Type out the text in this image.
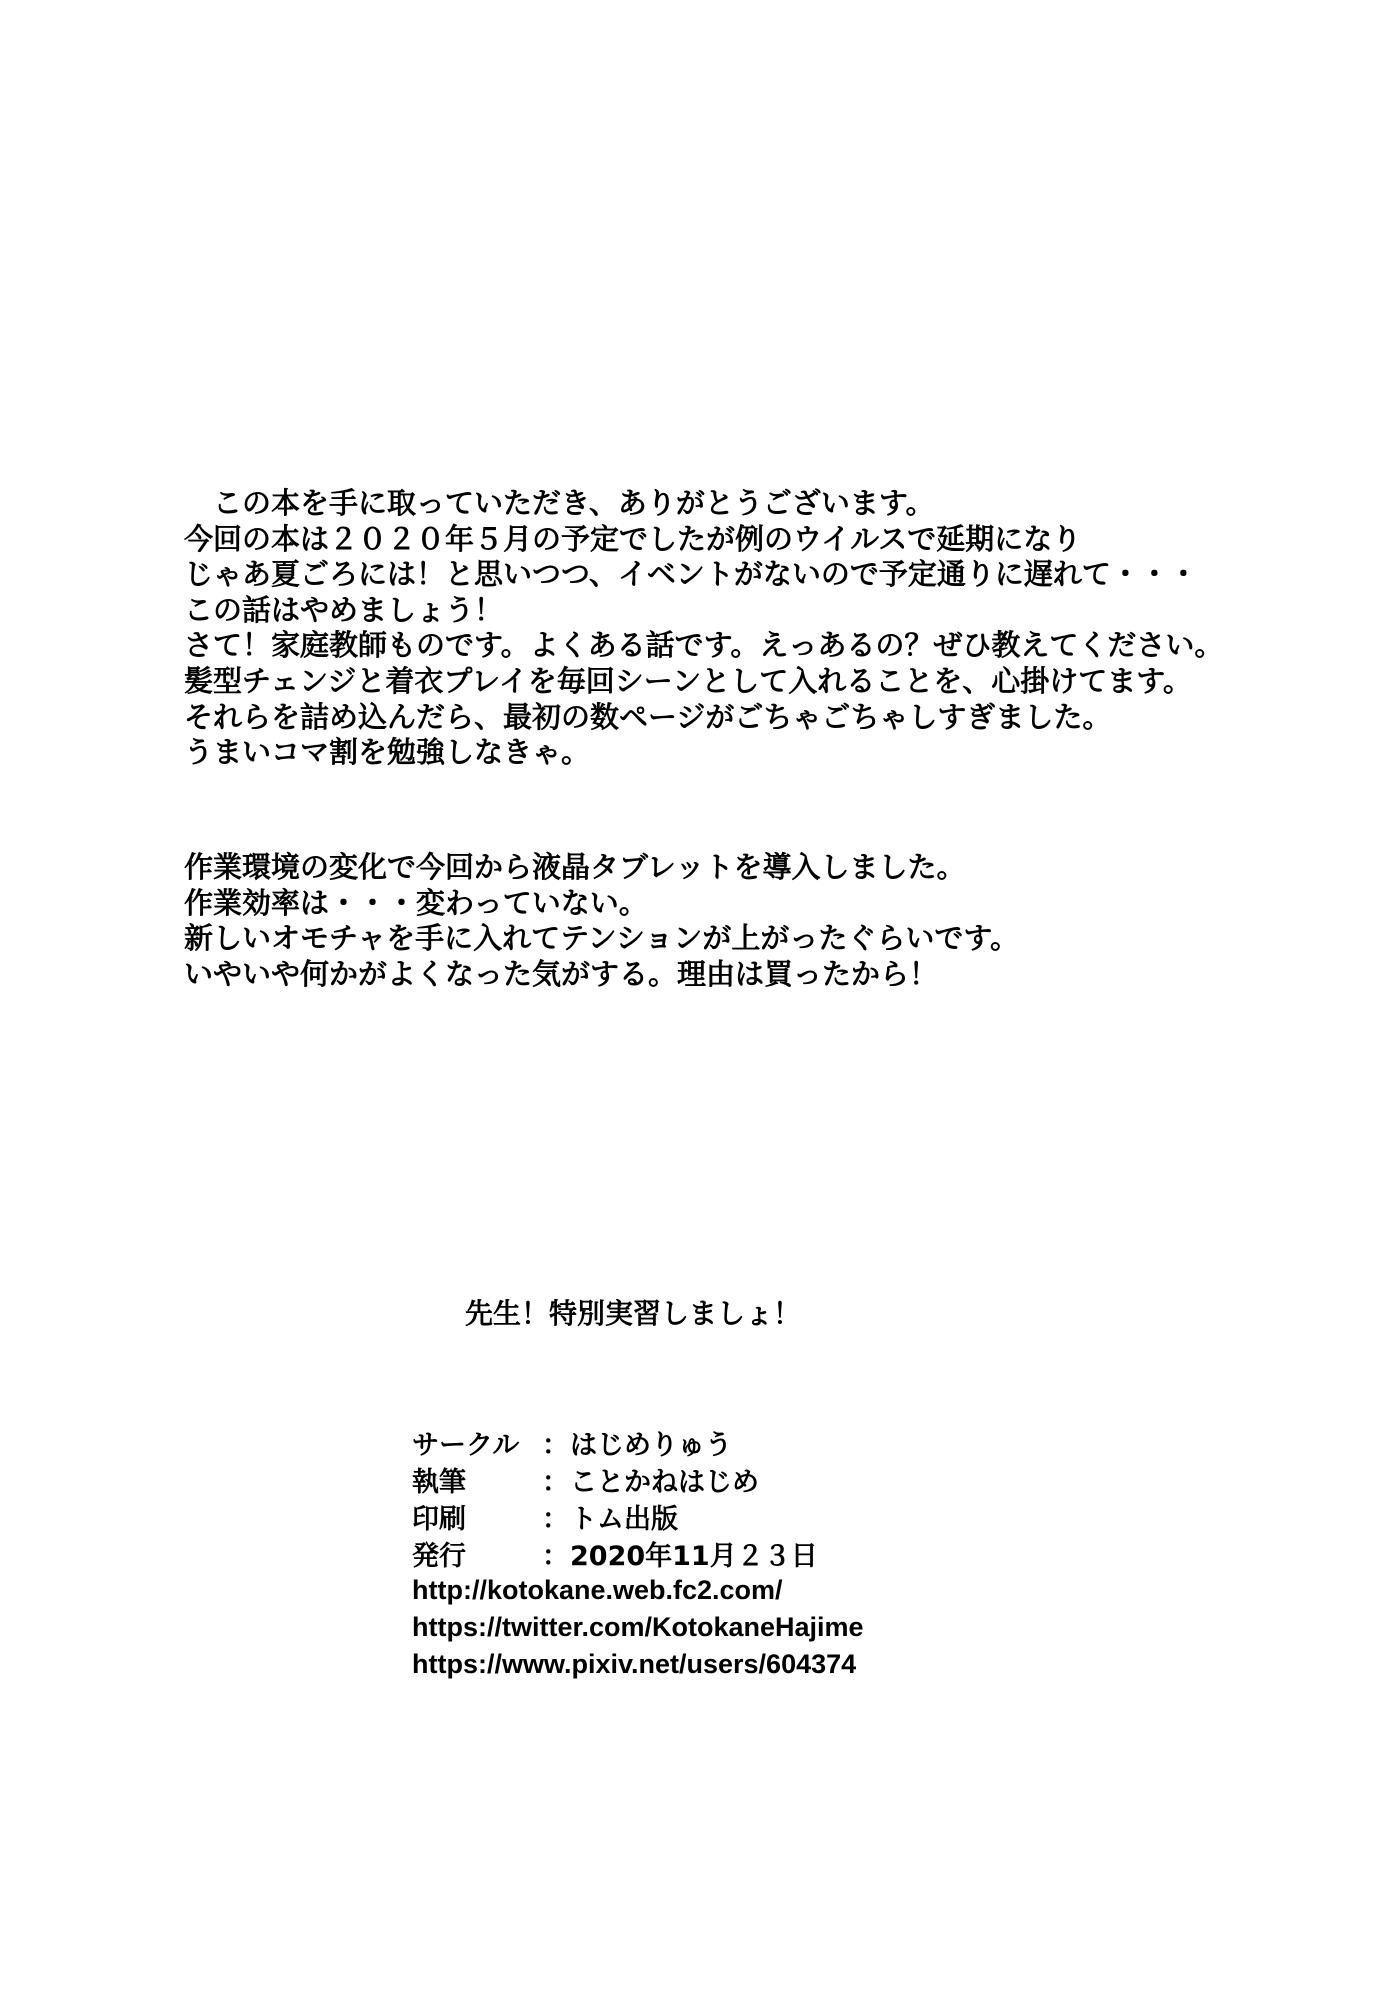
　この本を手に取っていただき、ありがとうございます。
今回の本は２０２０年５月の予定でしたが例のウイルスで延期になり
じゃあ夏ごろには！と思いつつ、イベントがないので予定通りに遅れて・・・
この話はやめましょう！
さて！家庭教師ものです。よくある話です。えっあるの？ぜひ教えてください。
髪型チェンジと着衣プレイを毎回シーンとして入れることを、心掛けてます。
それらを詰め込んだら、最初の数ページがごちゃごちゃしすぎました。
うまいコマ割を勉強しなきゃ。

作業環境の変化で今回から液晶タブレットを導入しました。
作業効率は・・・変わっていない。
新しいオモチャを手に入れてテンションが上がったぐらいです。
いやいや何かがよくなった気がする。理由は買ったから！

先生！特別実習しましょ！
サークル ： はじめりゅう
執筆	： ことかねはじめ
印刷	： トム出版
発行	： 2020年11月２３日
http://kotokane.web.fc2.com/
https://twitter.com/KotokaneHajime
https://www.pixiv.net/users/604374
